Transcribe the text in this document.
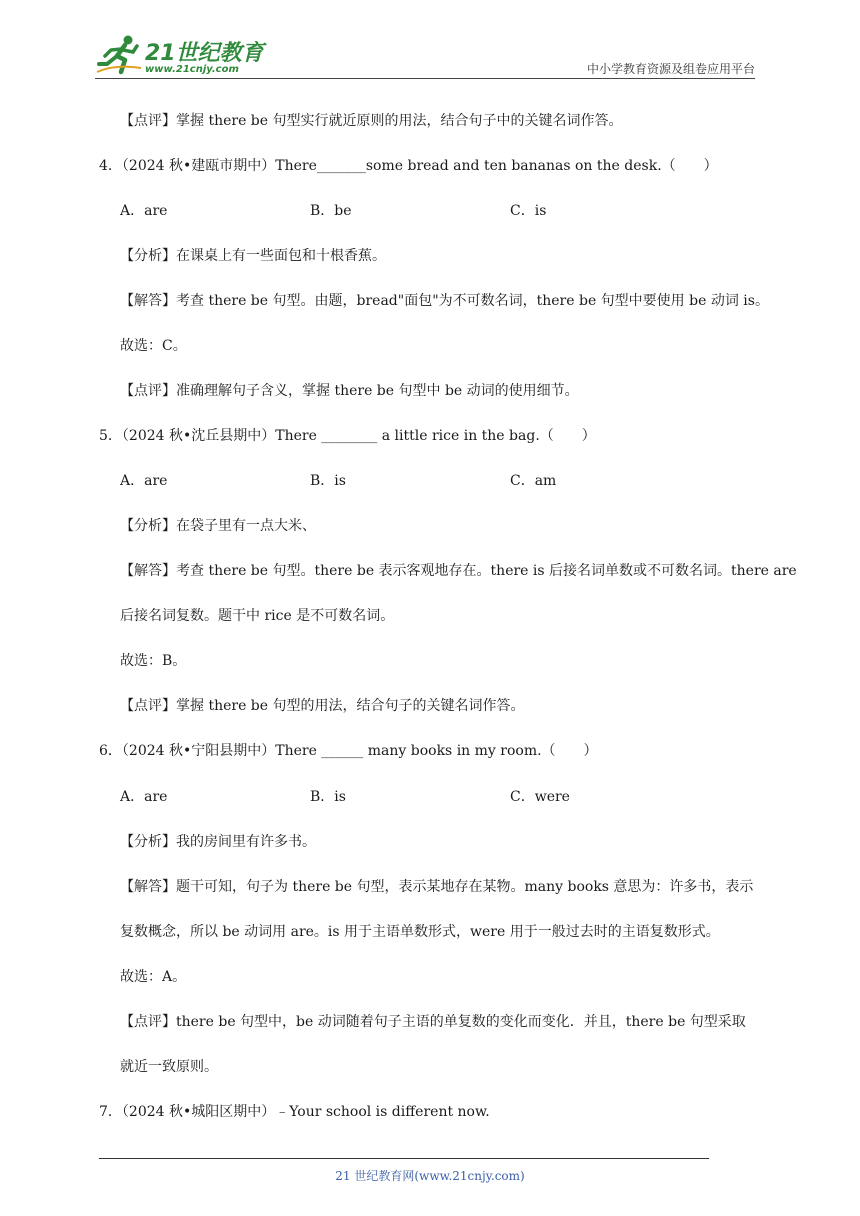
21世纪教育
www.21cnjy.com	中小学教育资源及组卷应用平台
【点评】掌握 there be 句型实行就近原则的用法，结合句子中的关键名词作答。
4．（2024 秋•建瓯市期中）There_______some bread and ten bananas on the desk.（　　）
A．are	B．be	C．is
【分析】在课桌上有一些面包和十根香蕉。
【解答】考查 there be 句型。由题，bread"面包"为不可数名词，there be 句型中要使用 be 动词 is。
故选：C。
【点评】准确理解句子含义，掌握 there be 句型中 be 动词的使用细节。
5．（2024 秋•沈丘县期中）There ________ a little rice in the bag.（　　）
A．are	B．is	C．am
【分析】在袋子里有一点大米、
【解答】考查 there be 句型。there be 表示客观地存在。there is 后接名词单数或不可数名词。there are
后接名词复数。题干中 rice 是不可数名词。
故选：B。
【点评】掌握 there be 句型的用法，结合句子的关键名词作答。
6．（2024 秋•宁阳县期中）There ______ many books in my room.（　　）
A．are	B．is	C．were
【分析】我的房间里有许多书。
【解答】题干可知，句子为 there be 句型，表示某地存在某物。many books 意思为：许多书，表示
复数概念，所以 be 动词用 are。is 用于主语单数形式，were 用于一般过去时的主语复数形式。
故选：A。
【点评】there be 句型中，be 动词随着句子主语的单复数的变化而变化．并且，there be 句型采取
就近一致原则。
7．（2024 秋•城阳区期中）﹣Your school is different now.
21 世纪教育网(www.21cnjy.com)
